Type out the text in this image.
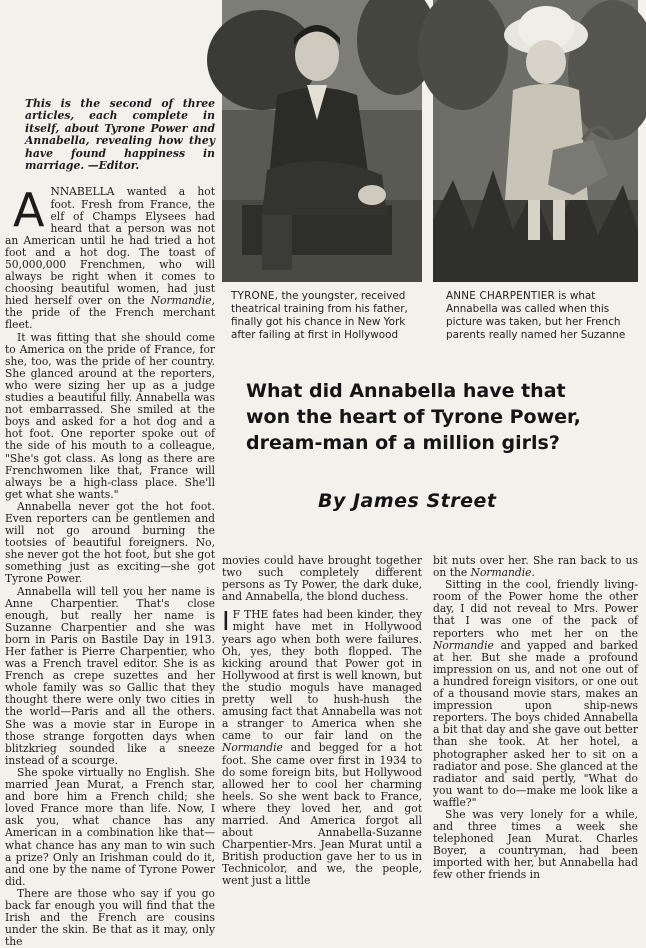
This is the second of three articles, each complete in itself, about Tyrone Power and Annabella, revealing how they have found happiness in marriage. —Editor.

ANNABELLA wanted a hot foot. Fresh from France, the elf of Champs Elysees had heard that a person was not an American until he had tried a hot foot and a hot dog. The toast of 50,000,000 Frenchmen, who will always be right when it comes to choosing beautiful women, had just hied herself over on the Normandie, the pride of the French merchant fleet.

It was fitting that she should come to America on the pride of France, for she, too, was the pride of her country. She glanced around at the reporters, who were sizing her up as a judge studies a beautiful filly. Annabella was not embarrassed. She smiled at the boys and asked for a hot dog and a hot foot. One reporter spoke out of the side of his mouth to a colleague, "She's got class. As long as there are Frenchwomen like that, France will always be a high-class place. She'll get what she wants."

Annabella never got the hot foot. Even reporters can be gentlemen and will not go around burning the tootsies of beautiful foreigners. No, she never got the hot foot, but she got something just as exciting—she got Tyrone Power.

Annabella will tell you her name is Anne Charpentier. That's close enough, but really her name is Suzanne Charpentier and she was born in Paris on Bastile Day in 1913. Her father is Pierre Charpentier, who was a French travel editor. She is as French as crepe suzettes and her whole family was so Gallic that they thought there were only two cities in the world—Paris and all the others. She was a movie star in Europe in those strange forgotten days when blitzkrieg sounded like a sneeze instead of a scourge.

She spoke virtually no English. She married Jean Murat, a French star, and bore him a French child; she loved France more than life. Now, I ask you, what chance has any American in a combination like that—what chance has any man to win such a prize? Only an Irishman could do it, and one by the name of Tyrone Power did.

There are those who say if you go back far enough you will find that the Irish and the French are cousins under the skin. Be that as it may, only the

TYRONE, the youngster, received theatrical training from his father, finally got his chance in New York after failing at first in Hollywood
ANNE CHARPENTIER is what Annabella was called when this picture was taken, but her French parents really named her Suzanne
What did Annabella have that
won the heart of Tyrone Power,
dream-man of a million girls?
By James Street

movies could have brought together two such completely different persons as Ty Power, the dark duke, and Annabella, the blond duchess.

I F THE fates had been kinder, they might have met in Hollywood years ago when both were failures. Oh, yes, they both flopped. The kicking around that Power got in Hollywood at first is well known, but the studio moguls have managed pretty well to hush-hush the amusing fact that Annabella was not a stranger to America when she came to our fair land on the Normandie and begged for a hot foot. She came over first in 1934 to do some foreign bits, but Hollywood allowed her to cool her charming heels. So she went back to France, where they loved her, and got married. And America forgot all about Annabella-Suzanne Charpentier-Mrs. Jean Murat until a British production gave her to us in Technicolor, and we, the people, went just a little

bit nuts over her. She ran back to us on the Normandie.

Sitting in the cool, friendly living-room of the Power home the other day, I did not reveal to Mrs. Power that I was one of the pack of reporters who met her on the Normandie and yapped and barked at her. But she made a profound impression on us, and not one out of a hundred foreign visitors, or one out of a thousand movie stars, makes an impression upon ship-news reporters. The boys chided Annabella a bit that day and she gave out better than she took. At her hotel, a photographer asked her to sit on a radiator and pose. She glanced at the radiator and said pertly, "What do you want to do—make me look like a waffle?"

She was very lonely for a while, and three times a week she telephoned Jean Murat. Charles Boyer, a countryman, had been imported with her, but Annabella had few other friends in
